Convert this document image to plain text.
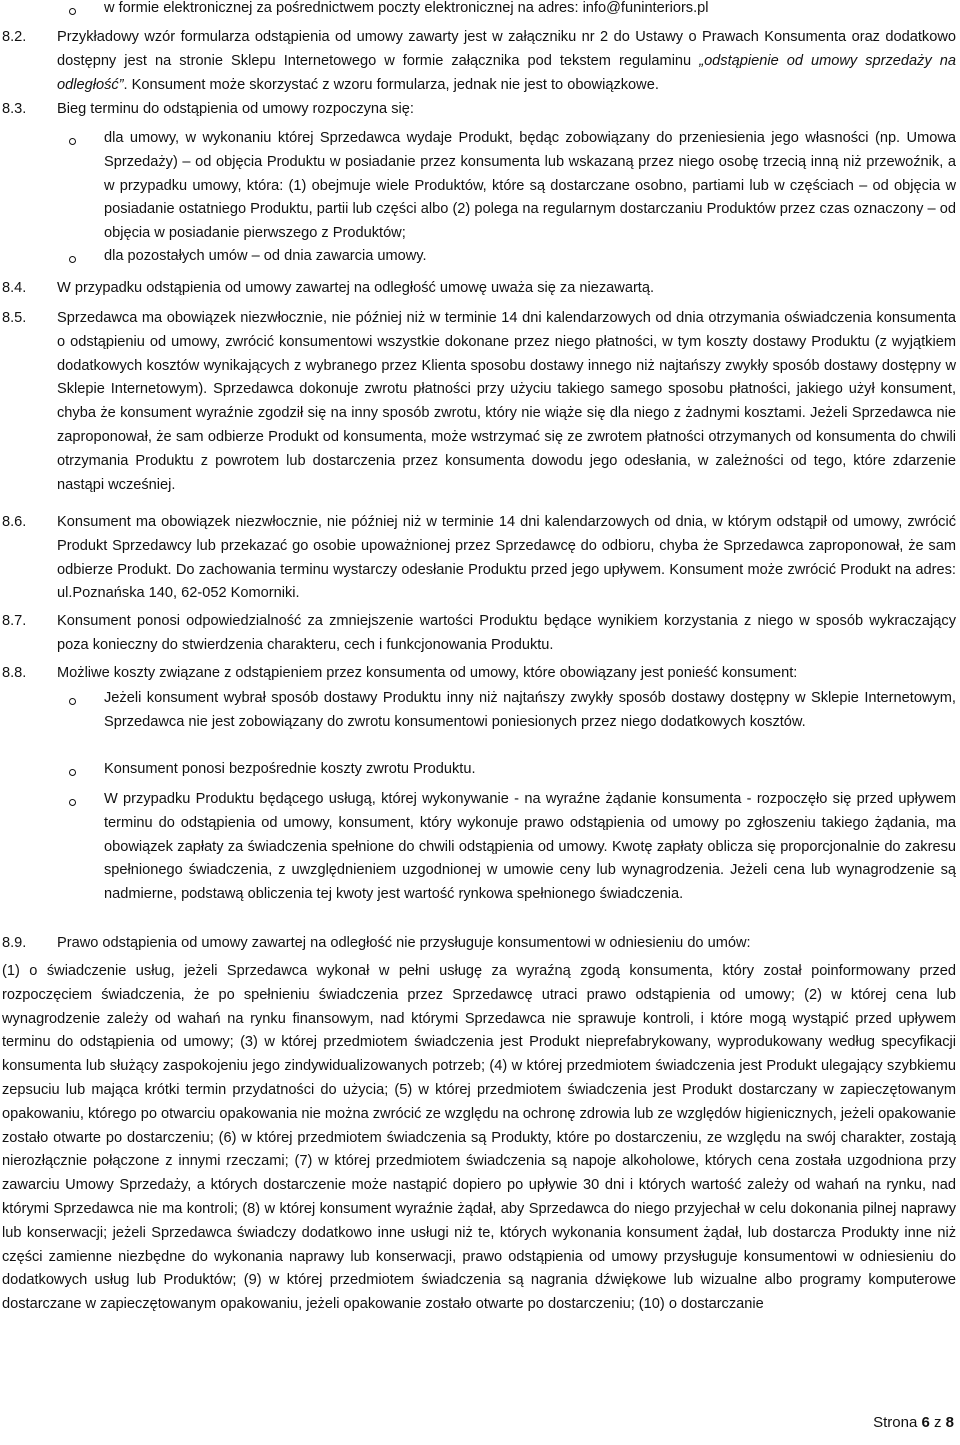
w formie elektronicznej za pośrednictwem poczty elektronicznej na adres: info@funinteriors.pl
8.2. Przykładowy wzór formularza odstąpienia od umowy zawarty jest w załączniku nr 2 do Ustawy o Prawach Konsumenta oraz dodatkowo dostępny jest na stronie Sklepu Internetowego w formie załącznika pod tekstem regulaminu „odstąpienie od umowy sprzedaży na odległość”. Konsument może skorzystać z wzoru formularza, jednak nie jest to obowiązkowe.
8.3. Bieg terminu do odstąpienia od umowy rozpoczyna się:
dla umowy, w wykonaniu której Sprzedawca wydaje Produkt, będąc zobowiązany do przeniesienia jego własności (np. Umowa Sprzedaży) – od objęcia Produktu w posiadanie przez konsumenta lub wskazaną przez niego osobę trzecią inną niż przewoźnik, a w przypadku umowy, która: (1) obejmuje wiele Produktów, które są dostarczane osobno, partiami lub w częściach – od objęcia w posiadanie ostatniego Produktu, partii lub części albo (2) polega na regularnym dostarczaniu Produktów przez czas oznaczony – od objęcia w posiadanie pierwszego z Produktów;
dla pozostałych umów – od dnia zawarcia umowy.
8.4. W przypadku odstąpienia od umowy zawartej na odległość umowę uważa się za niezawartą.
8.5. Sprzedawca ma obowiązek niezwłocznie, nie później niż w terminie 14 dni kalendarzowych od dnia otrzymania oświadczenia konsumenta o odstąpieniu od umowy, zwrócić konsumentowi wszystkie dokonane przez niego płatności, w tym koszty dostawy Produktu (z wyjątkiem dodatkowych kosztów wynikających z wybranego przez Klienta sposobu dostawy innego niż najtańszy zwykły sposób dostawy dostępny w Sklepie Internetowym). Sprzedawca dokonuje zwrotu płatności przy użyciu takiego samego sposobu płatności, jakiego użył konsument, chyba że konsument wyraźnie zgodził się na inny sposób zwrotu, który nie wiąże się dla niego z żadnymi kosztami. Jeżeli Sprzedawca nie zaproponował, że sam odbierze Produkt od konsumenta, może wstrzymać się ze zwrotem płatności otrzymanych od konsumenta do chwili otrzymania Produktu z powrotem lub dostarczenia przez konsumenta dowodu jego odesłania, w zależności od tego, które zdarzenie nastąpi wcześniej.
8.6. Konsument ma obowiązek niezwłocznie, nie później niż w terminie 14 dni kalendarzowych od dnia, w którym odstąpił od umowy, zwrócić Produkt Sprzedawcy lub przekazać go osobie upoważnionej przez Sprzedawcę do odbioru, chyba że Sprzedawca zaproponował, że sam odbierze Produkt. Do zachowania terminu wystarczy odesłanie Produktu przed jego upływem. Konsument może zwrócić Produkt na adres: ul.Poznańska 140, 62-052 Komorniki.
8.7. Konsument ponosi odpowiedzialność za zmniejszenie wartości Produktu będące wynikiem korzystania z niego w sposób wykraczający poza konieczny do stwierdzenia charakteru, cech i funkcjonowania Produktu.
8.8. Możliwe koszty związane z odstąpieniem przez konsumenta od umowy, które obowiązany jest ponieść konsument:
Jeżeli konsument wybrał sposób dostawy Produktu inny niż najtańszy zwykły sposób dostawy dostępny w Sklepie Internetowym, Sprzedawca nie jest zobowiązany do zwrotu konsumentowi poniesionych przez niego dodatkowych kosztów.
Konsument ponosi bezpośrednie koszty zwrotu Produktu.
W przypadku Produktu będącego usługą, której wykonywanie - na wyraźne żądanie konsumenta - rozpoczęło się przed upływem terminu do odstąpienia od umowy, konsument, który wykonuje prawo odstąpienia od umowy po zgłoszeniu takiego żądania, ma obowiązek zapłaty za świadczenia spełnione do chwili odstąpienia od umowy. Kwotę zapłaty oblicza się proporcjonalnie do zakresu spełnionego świadczenia, z uwzględnieniem uzgodnionej w umowie ceny lub wynagrodzenia. Jeżeli cena lub wynagrodzenie są nadmierne, podstawą obliczenia tej kwoty jest wartość rynkowa spełnionego świadczenia.
8.9. Prawo odstąpienia od umowy zawartej na odległość nie przysługuje konsumentowi w odniesieniu do umów:
(1) o świadczenie usług, jeżeli Sprzedawca wykonał w pełni usługę za wyraźną zgodą konsumenta, który został poinformowany przed rozpoczęciem świadczenia, że po spełnieniu świadczenia przez Sprzedawcę utraci prawo odstąpienia od umowy; (2) w której cena lub wynagrodzenie zależy od wahań na rynku finansowym, nad którymi Sprzedawca nie sprawuje kontroli, i które mogą wystąpić przed upływem terminu do odstąpienia od umowy; (3) w której przedmiotem świadczenia jest Produkt nieprefabrykowany, wyprodukowany według specyfikacji konsumenta lub służący zaspokojeniu jego zindywidualizowanych potrzeb; (4) w której przedmiotem świadczenia jest Produkt ulegający szybkiemu zepsuciu lub mająca krótki termin przydatności do użycia; (5) w której przedmiotem świadczenia jest Produkt dostarczany w zapieczętowanym opakowaniu, którego po otwarciu opakowania nie można zwrócić ze względu na ochronę zdrowia lub ze względów higienicznych, jeżeli opakowanie zostało otwarte po dostarczeniu; (6) w której przedmiotem świadczenia są Produkty, które po dostarczeniu, ze względu na swój charakter, zostają nierozłącznie połączone z innymi rzeczami; (7) w której przedmiotem świadczenia są napoje alkoholowe, których cena została uzgodniona przy zawarciu Umowy Sprzedaży, a których dostarczenie może nastąpić dopiero po upływie 30 dni i których wartość zależy od wahań na rynku, nad którymi Sprzedawca nie ma kontroli; (8) w której konsument wyraźnie żądał, aby Sprzedawca do niego przyjechał w celu dokonania pilnej naprawy lub konserwacji; jeżeli Sprzedawca świadczy dodatkowo inne usługi niż te, których wykonania konsument żądał, lub dostarcza Produkty inne niż części zamienne niezbędne do wykonania naprawy lub konserwacji, prawo odstąpienia od umowy przysługuje konsumentowi w odniesieniu do dodatkowych usług lub Produktów; (9) w której przedmiotem świadczenia są nagrania dźwiękowe lub wizualne albo programy komputerowe dostarczane w zapieczętowanym opakowaniu, jeżeli opakowanie zostało otwarte po dostarczeniu; (10) o dostarczanie
Strona 6 z 8
